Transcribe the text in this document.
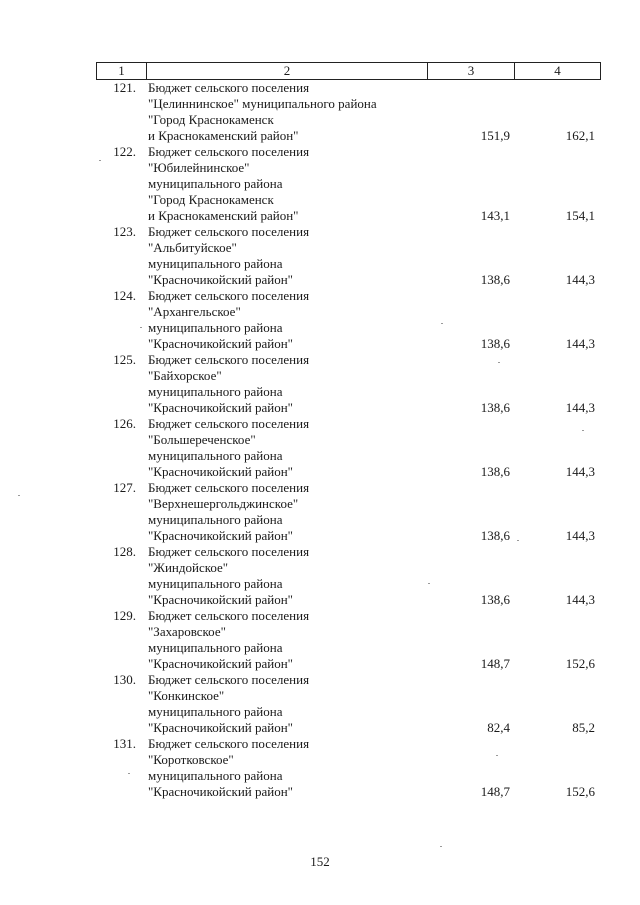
1	2	3	4
121. Бюджет сельского поселения
"Целиннинское" муниципального района
"Город Краснокаменск
и Краснокаменский район"	151,9	162,1
122. Бюджет сельского поселения
"Юбилейнинское"
муниципального района
"Город Краснокаменск
и Краснокаменский район"	143,1	154,1
123. Бюджет сельского поселения
"Альбитуйское"
муниципального района
"Красночикойский район"	138,6	144,3
124. Бюджет сельского поселения
"Архангельское"
муниципального района
"Красночикойский район"	138,6	144,3
125. Бюджет сельского поселения
"Байхорское"
муниципального района
"Красночикойский район"	138,6	144,3
126. Бюджет сельского поселения
"Большереченское"
муниципального района
"Красночикойский район"	138,6	144,3
127. Бюджет сельского поселения
"Верхнешергольджинское"
муниципального района
"Красночикойский район"	138,6	144,3
128. Бюджет сельского поселения
"Жиндойское"
муниципального района
"Красночикойский район"	138,6	144,3
129. Бюджет сельского поселения
"Захаровское"
муниципального района
"Красночикойский район"	148,7	152,6
130. Бюджет сельского поселения
"Конкинское"
муниципального района
"Красночикойский район"	82,4	85,2
131. Бюджет сельского поселения
"Коротковское"
муниципального района
"Красночикойский район"	148,7	152,6
152
